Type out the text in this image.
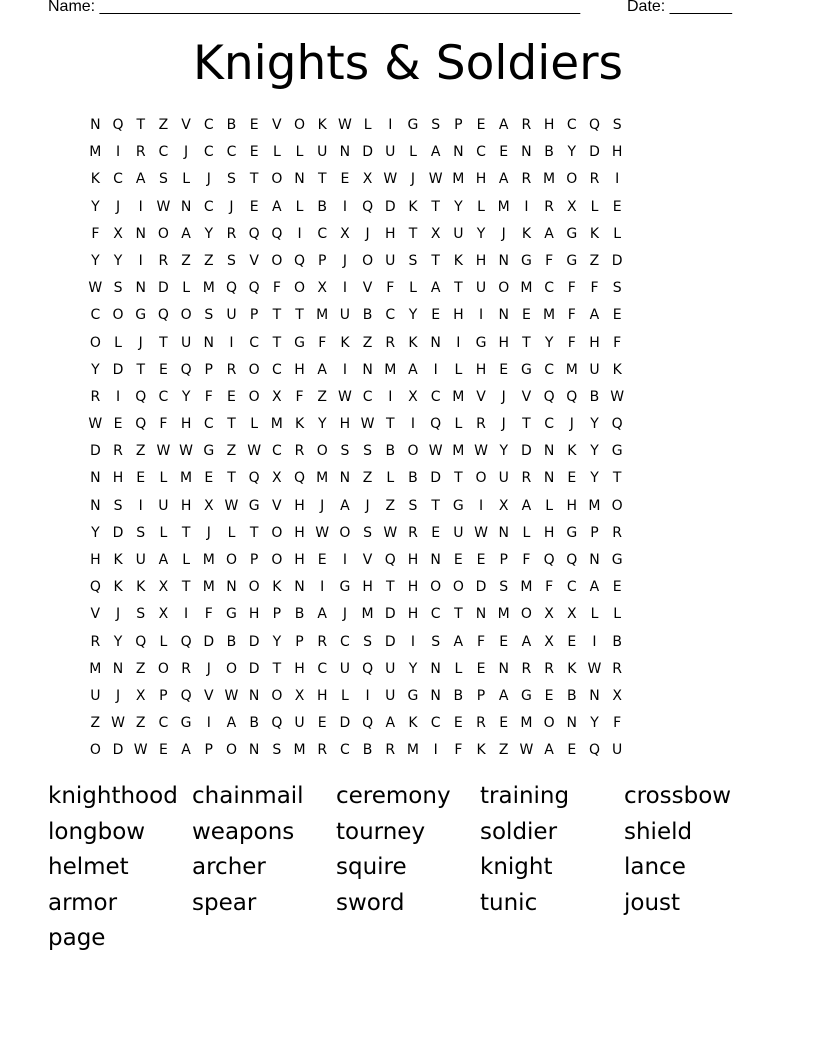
Name: ______________________________________________________	Date: _______
Knights & Soldiers
N Q T Z V C B E V O K W L	I	G S	P	E A R H C Q S
M	I	R C	J	C C E	L	L U N D U L A N C E N B Y D H
K C A S	L	J	S T O N T E X W J W M H A R M O R	I
Y	J	I W N C	J	E A	L B	I	Q D K T	Y	L M	I	R X L	E
F X N O A Y R Q Q	I	C X	J	H T X U Y	J	K A G K	L
Y	Y	I	R Z Z S V O Q P	J	O U S T K H N G F G Z D
W S N D L M Q Q F O X	I	V F	L A T U O M C F	F	S
C O G Q O S U P	T	T M U B C Y E H	I	N E M F A E
O L	J	T U N	I	C T G F	K Z R K N	I	G H T	Y	F H F
Y D T E Q P R O C H A	I	N M A	I	L H E G C M U K
R	I	Q C Y	F	E O X F Z W C	I	X C M V	J	V Q Q B W
W E Q F H C T	L M K Y H W T	I	Q L R	J	T C	J	Y Q
D R Z W W G Z W C R O S S B O W M W Y D N K Y G
N H E	L M E T Q X Q M N Z L B D T O U R N E Y	T
N S	I	U H X W G V H	J	A	J	Z S T G	I	X A	L H M O
Y D S	L	T	J	L	T O H W O S W R E U W N L H G P R
H K U A	L M O P O H E	I	V Q H N E E	P	F Q Q N G
Q K K X T M N O K N	I	G H T H O O D S M F C A E
V	J	S X	I	F G H P B A	J	M D H C T N M O X X L	L
R Y Q L Q D B D Y	P R C S D	I	S A F	E A X E	I	B
M N Z O R	J	O D T H C U Q U Y N L	E N R R K W R
U	J	X P Q V W N O X H L	I	U G N B P A G E B N X
Z W Z C G	I	A B Q U E D Q A K C E R E M O N Y	F
O D W E A P O N S M R C B R M	I	F	K Z W A E Q U
knighthood chainmail	ceremony	training	crossbow
longbow	weapons	tourney	soldier	shield
helmet	archer	squire	knight	lance
armor	spear	sword	tunic	joust
page
